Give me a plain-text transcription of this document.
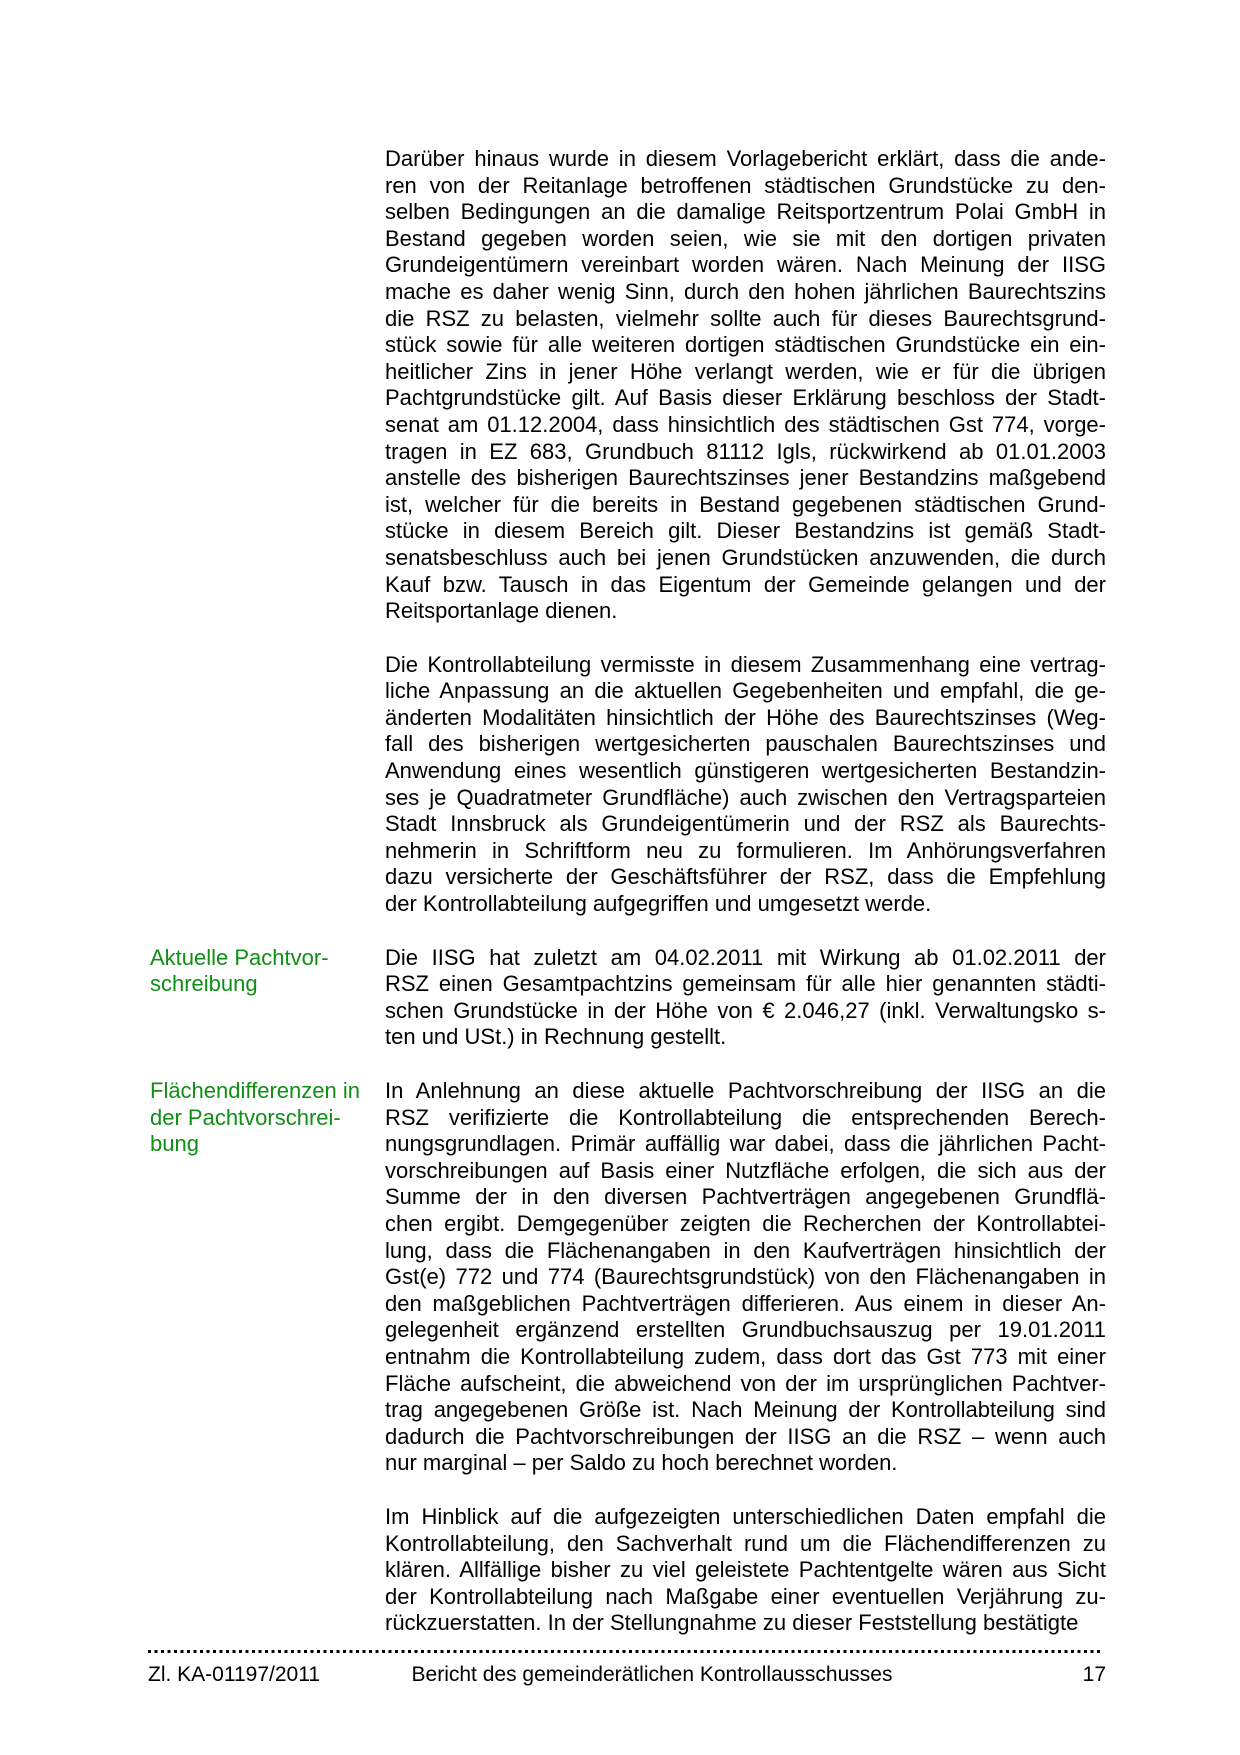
Darüber hinaus wurde in diesem Vorlagebericht erklärt, dass die ande-
ren von der Reitanlage betroffenen städtischen Grundstücke zu den-
selben Bedingungen an die damalige Reitsportzentrum Polai GmbH in
Bestand gegeben worden seien, wie sie mit den dortigen privaten
Grundeigentümern vereinbart worden wären. Nach Meinung der IISG
mache es daher wenig Sinn, durch den hohen jährlichen Baurechtszins
die RSZ zu belasten, vielmehr sollte auch für dieses Baurechtsgrund-
stück sowie für alle weiteren dortigen städtischen Grundstücke ein ein-
heitlicher Zins in jener Höhe verlangt werden, wie er für die übrigen
Pachtgrundstücke gilt. Auf Basis dieser Erklärung beschloss der Stadt-
senat am 01.12.2004, dass hinsichtlich des städtischen Gst 774, vorge-
tragen in EZ 683, Grundbuch 81112 Igls, rückwirkend ab 01.01.2003
anstelle des bisherigen Baurechtszinses jener Bestandzins maßgebend
ist, welcher für die bereits in Bestand gegebenen städtischen Grund-
stücke in diesem Bereich gilt. Dieser Bestandzins ist gemäß Stadt-
senatsbeschluss auch bei jenen Grundstücken anzuwenden, die durch
Kauf bzw. Tausch in das Eigentum der Gemeinde gelangen und der
Reitsportanlage dienen.
Die Kontrollabteilung vermisste in diesem Zusammenhang eine vertrag-
liche Anpassung an die aktuellen Gegebenheiten und empfahl, die ge-
änderten Modalitäten hinsichtlich der Höhe des Baurechtszinses (Weg-
fall des bisherigen wertgesicherten pauschalen Baurechtszinses und
Anwendung eines wesentlich günstigeren wertgesicherten Bestandzin-
ses je Quadratmeter Grundfläche) auch zwischen den Vertragsparteien
Stadt Innsbruck als Grundeigentümerin und der RSZ als Baurechts-
nehmerin in Schriftform neu zu formulieren. Im Anhörungsverfahren
dazu versicherte der Geschäftsführer der RSZ, dass die Empfehlung
der Kontrollabteilung aufgegriffen und umgesetzt werde.
Aktuelle Pachtvor-
schreibung
Die IISG hat zuletzt am 04.02.2011 mit Wirkung ab 01.02.2011 der
RSZ einen Gesamtpachtzins gemeinsam für alle hier genannten städti-
schen Grundstücke in der Höhe von € 2.046,27 (inkl. Verwaltungsko s-
ten und USt.) in Rechnung gestellt.
Flächendifferenzen in
der Pachtvorschrei-
bung
In Anlehnung an diese aktuelle Pachtvorschreibung der IISG an die
RSZ verifizierte die Kontrollabteilung die entsprechenden Berech-
nungsgrundlagen. Primär auffällig war dabei, dass die jährlichen Pacht-
vorschreibungen auf Basis einer Nutzfläche erfolgen, die sich aus der
Summe der in den diversen Pachtverträgen angegebenen Grundflä-
chen ergibt. Demgegenüber zeigten die Recherchen der Kontrollabtei-
lung, dass die Flächenangaben in den Kaufverträgen hinsichtlich der
Gst(e) 772 und 774 (Baurechtsgrundstück) von den Flächenangaben in
den maßgeblichen Pachtverträgen differieren. Aus einem in dieser An-
gelegenheit ergänzend erstellten Grundbuchsauszug per 19.01.2011
entnahm die Kontrollabteilung zudem, dass dort das Gst 773 mit einer
Fläche aufscheint, die abweichend von der im ursprünglichen Pachtver-
trag angegebenen Größe ist. Nach Meinung der Kontrollabteilung sind
dadurch die Pachtvorschreibungen der IISG an die RSZ – wenn auch
nur marginal – per Saldo zu hoch berechnet worden.
Im Hinblick auf die aufgezeigten unterschiedlichen Daten empfahl die
Kontrollabteilung, den Sachverhalt rund um die Flächendifferenzen zu
klären. Allfällige bisher zu viel geleistete Pachtentgelte wären aus Sicht
der Kontrollabteilung nach Maßgabe einer eventuellen Verjährung zu-
rückzuerstatten. In der Stellungnahme zu dieser Feststellung bestätigte
Zl. KA-01197/2011	Bericht des gemeinderätlichen Kontrollausschusses	17
